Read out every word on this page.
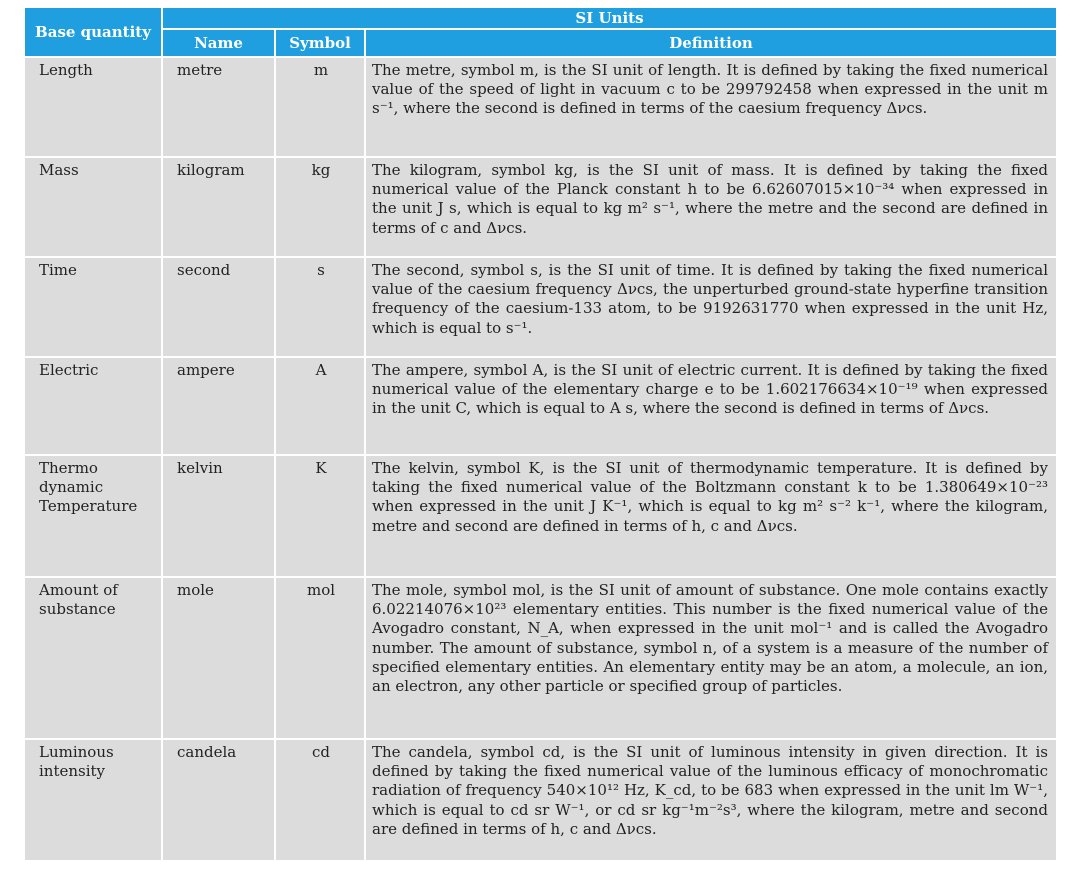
Base quantity	SI Units		
	Name	Symbol	Definition
Length	metre	m	The metre, symbol m, is the SI unit of length. It is defined by taking the fixed numerical value of the speed of light in vacuum c to be 299792458 when expressed in the unit m s⁻¹, where the second is defined in terms of the caesium frequency Δνcs.
Mass	kilogram	kg	The kilogram, symbol kg, is the SI unit of mass. It is defined by taking the fixed numerical value of the Planck constant h to be 6.62607015×10⁻³⁴ when expressed in the unit J s, which is equal to kg m² s⁻¹, where the metre and the second are defined in terms of c and Δνcs.
Time	second	s	The second, symbol s, is the SI unit of time. It is defined by taking the fixed numerical value of the caesium frequency Δνcs, the unperturbed ground-state hyperfine transition frequency of the caesium-133 atom, to be 9192631770 when expressed in the unit Hz, which is equal to s⁻¹.
Electric	ampere	A	The ampere, symbol A, is the SI unit of electric current. It is defined by taking the fixed numerical value of the elementary charge e to be 1.602176634×10⁻¹⁹ when expressed in the unit C, which is equal to A s, where the second is defined in terms of Δνcs.
Thermo dynamic Temperature	kelvin	K	The kelvin, symbol K, is the SI unit of thermodynamic temperature. It is defined by taking the fixed numerical value of the Boltzmann constant k to be 1.380649×10⁻²³ when expressed in the unit J K⁻¹, which is equal to kg m² s⁻² k⁻¹, where the kilogram, metre and second are defined in terms of h, c and Δνcs.
Amount of substance	mole	mol	The mole, symbol mol, is the SI unit of amount of substance. One mole contains exactly 6.02214076×10²³ elementary entities. This number is the fixed numerical value of the Avogadro constant, N_A, when expressed in the unit mol⁻¹ and is called the Avogadro number. The amount of substance, symbol n, of a system is a measure of the number of specified elementary entities. An elementary entity may be an atom, a molecule, an ion, an electron, any other particle or specified group of particles.
Luminous intensity	candela	cd	The candela, symbol cd, is the SI unit of luminous intensity in given direction. It is defined by taking the fixed numerical value of the luminous efficacy of monochromatic radiation of frequency 540×10¹² Hz, K_cd, to be 683 when expressed in the unit lm W⁻¹, which is equal to cd sr W⁻¹, or cd sr kg⁻¹m⁻²s³, where the kilogram, metre and second are defined in terms of h, c and Δνcs.
